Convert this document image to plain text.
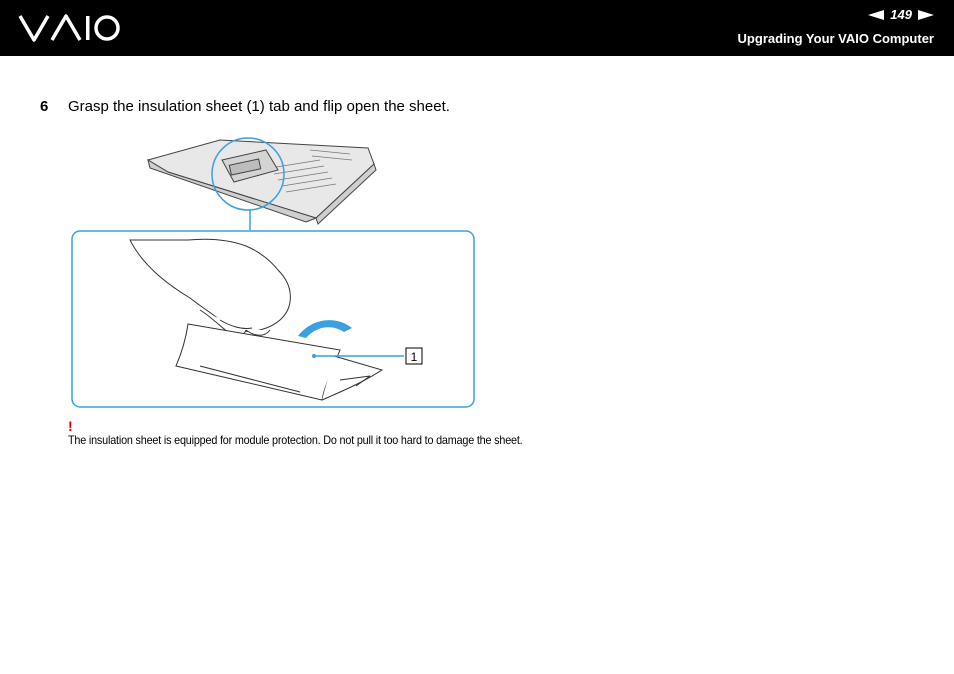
149
Upgrading Your VAIO Computer
6 Grasp the insulation sheet (1) tab and flip open the sheet.
1
!
The insulation sheet is equipped for module protection. Do not pull it too hard to damage the sheet.
